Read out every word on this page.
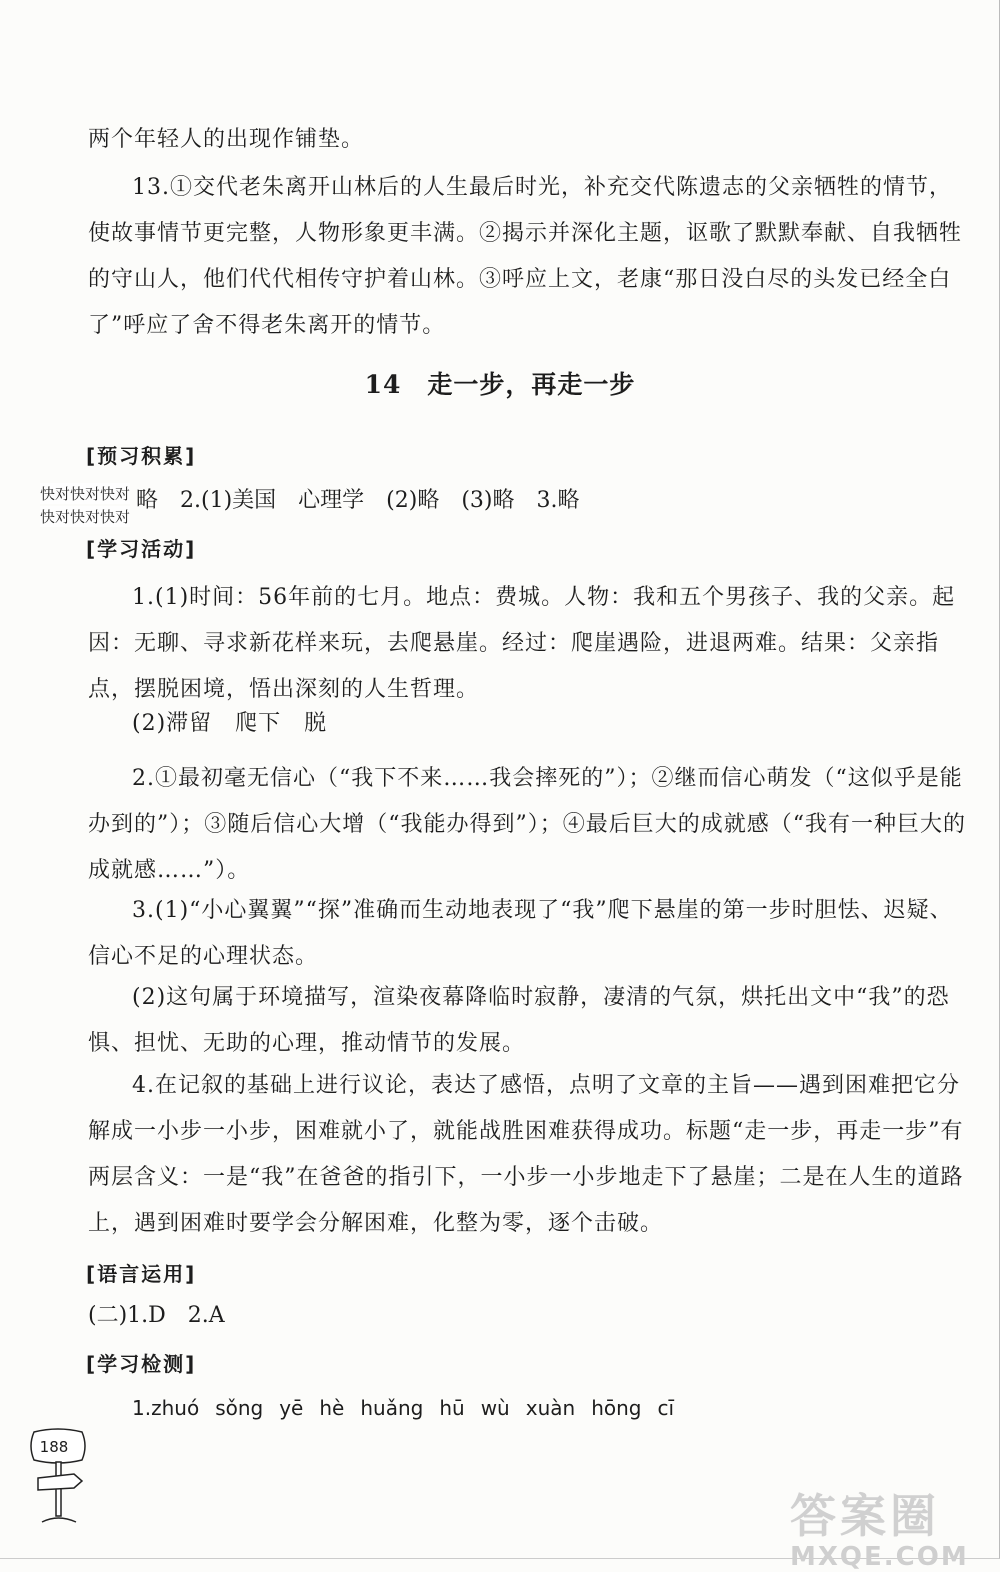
两个年轻人的出现作铺垫。

13.①交代老朱离开山林后的人生最后时光，补充交代陈遗志的父亲牺牲的情节，使故事情节更完整，人物形象更丰满。②揭示并深化主题，讴歌了默默奉献、自我牺牲的守山人，他们代代相传守护着山林。③呼应上文，老康“那日没白尽的头发已经全白了”呼应了舍不得老朱离开的情节。

14　走一步，再走一步
[预习积累]
略　2.(1)美国　心理学　(2)略　(3)略　3.略
快对快对快对
快对快对快对
[学习活动]

1.(1)时间：56年前的七月。地点：费城。人物：我和五个男孩子、我的父亲。起因：无聊、寻求新花样来玩，去爬悬崖。经过：爬崖遇险，进退两难。结果：父亲指点，摆脱困境，悟出深刻的人生哲理。

(2)滞留　爬下　脱

2.①最初毫无信心（“我下不来……我会摔死的”）；②继而信心萌发（“这似乎是能办到的”）；③随后信心大增（“我能办得到”）；④最后巨大的成就感（“我有一种巨大的成就感……”）。

3.(1)“小心翼翼”“探”准确而生动地表现了“我”爬下悬崖的第一步时胆怯、迟疑、信心不足的心理状态。

(2)这句属于环境描写，渲染夜幕降临时寂静，凄清的气氛，烘托出文中“我”的恐惧、担忧、无助的心理，推动情节的发展。

4.在记叙的基础上进行议论，表达了感悟，点明了文章的主旨——遇到困难把它分解成一小步一小步，困难就小了，就能战胜困难获得成功。标题“走一步，再走一步”有两层含义：一是“我”在爸爸的指引下，一小步一小步地走下了悬崖；二是在人生的道路上，遇到困难时要学会分解困难，化整为零，逐个击破。

[语言运用]
(二)1.D　2.A
[学习检测]
1.zhuó sǒng yē hè huǎng hū wù xuàn hōng cī
188
答案圈
MXQE.COM
